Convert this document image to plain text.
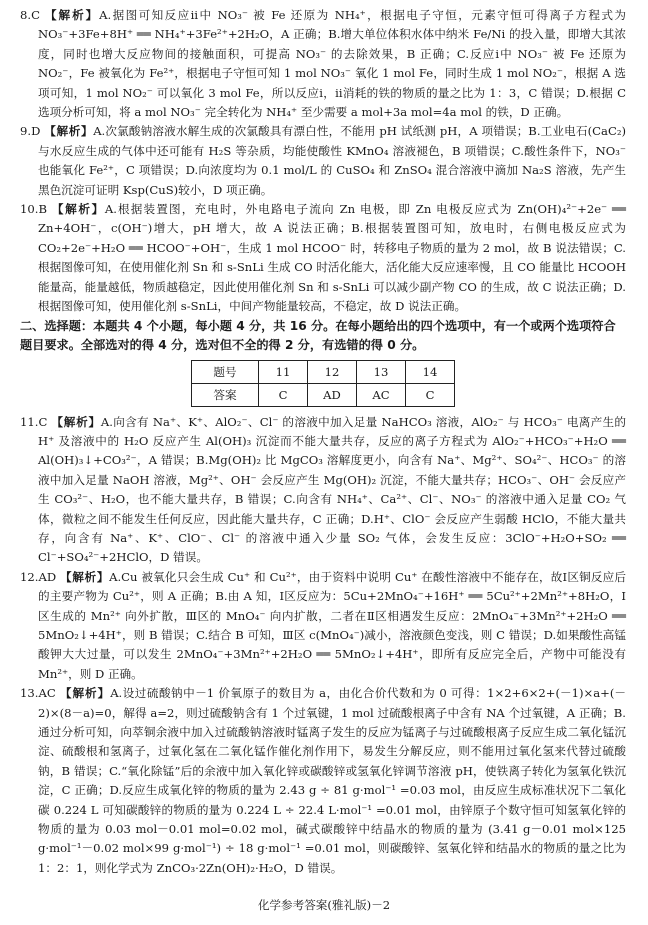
8.C 【解析】A.据图可知反应ⅱ中 NO₃⁻ 被 Fe 还原为 NH₄⁺，根据电子守恒，元素守恒可得离子方程式为 NO₃⁻+3Fe+8H⁺ ══ NH₄⁺+3Fe²⁺+2H₂O，A 正确；B.增大单位体积水体中纳米 Fe/Ni 的投入量，即增大其浓度，同时也增大反应物间的接触面积，可提高 NO₃⁻ 的去除效果，B 正确；C.反应ⅰ中 NO₃⁻ 被 Fe 还原为 NO₂⁻，Fe 被氧化为 Fe²⁺，根据电子守恒可知 1 mol NO₃⁻ 氧化 1 mol Fe，同时生成 1 mol NO₂⁻，根据 A 选项可知，1 mol NO₂⁻ 可以氧化 3 mol Fe，所以反应ⅰ，ⅱ消耗的铁的物质的量之比为 1：3，C 错误；D.根据 C 选项分析可知，将 a mol NO₃⁻ 完全转化为 NH₄⁺ 至少需要 a mol+3a mol=4a mol 的铁，D 正确。

9.D 【解析】A.次氯酸钠溶液水解生成的次氯酸具有漂白性，不能用 pH 试纸测 pH，A 项错误；B.工业电石(CaC₂)与水反应生成的气体中还可能有 H₂S 等杂质，均能使酸性 KMnO₄ 溶液褪色，B 项错误；C.酸性条件下，NO₃⁻ 也能氧化 Fe²⁺，C 项错误；D.向浓度均为 0.1 mol/L 的 CuSO₄ 和 ZnSO₄ 混合溶液中滴加 Na₂S 溶液，先产生黑色沉淀可证明 Ksp(CuS)较小，D 项正确。

10.B 【解析】A.根据装置图，充电时，外电路电子流向 Zn 电极，即 Zn 电极反应式为 Zn(OH)₄²⁻+2e⁻ ══ Zn+4OH⁻，c(OH⁻)增大，pH 增大，故 A 说法正确；B.根据装置图可知，放电时，右侧电极反应式为 CO₂+2e⁻+H₂O ══ HCOO⁻+OH⁻，生成 1 mol HCOO⁻ 时，转移电子物质的量为 2 mol，故 B 说法错误；C.根据图像可知，在使用催化剂 Sn 和 s-SnLi 生成 CO 时活化能大，活化能大反应速率慢，且 CO 能量比 HCOOH 能量高，能量越低，物质越稳定，因此使用催化剂 Sn 和 s-SnLi 可以减少副产物 CO 的生成，故 C 说法正确；D.根据图像可知，使用催化剂 s-SnLi，中间产物能量较高，不稳定，故 D 说法正确。

二、选择题：本题共 4 个小题，每小题 4 分，共 16 分。在每小题给出的四个选项中，有一个或两个选项符合题目要求。全部选对的得 4 分，选对但不全的得 2 分，有选错的得 0 分。

题号	11	12	13	14
答案	C	AD	AC	C

11.C 【解析】A.向含有 Na⁺、K⁺、AlO₂⁻、Cl⁻ 的溶液中加入足量 NaHCO₃ 溶液，AlO₂⁻ 与 HCO₃⁻ 电离产生的 H⁺ 及溶液中的 H₂O 反应产生 Al(OH)₃ 沉淀而不能大量共存，反应的离子方程式为 AlO₂⁻+HCO₃⁻+H₂O ══ Al(OH)₃↓+CO₃²⁻，A 错误；B.Mg(OH)₂ 比 MgCO₃ 溶解度更小，向含有 Na⁺、Mg²⁺、SO₄²⁻、HCO₃⁻ 的溶液中加入足量 NaOH 溶液，Mg²⁺、OH⁻ 会反应产生 Mg(OH)₂ 沉淀，不能大量共存；HCO₃⁻、OH⁻ 会反应产生 CO₃²⁻、H₂O，也不能大量共存，B 错误；C.向含有 NH₄⁺、Ca²⁺、Cl⁻、NO₃⁻ 的溶液中通入足量 CO₂ 气体，微粒之间不能发生任何反应，因此能大量共存，C 正确；D.H⁺、ClO⁻ 会反应产生弱酸 HClO，不能大量共存，向含有 Na⁺、K⁺、ClO⁻、Cl⁻ 的溶液中通入少量 SO₂ 气体，会发生反应：3ClO⁻+H₂O+SO₂ ══ Cl⁻+SO₄²⁻+2HClO，D 错误。

12.AD 【解析】A.Cu 被氧化只会生成 Cu⁺ 和 Cu²⁺，由于资料中说明 Cu⁺ 在酸性溶液中不能存在，故Ⅰ区铜反应后的主要产物为 Cu²⁺，则 A 正确；B.由 A 知，Ⅰ区反应为：5Cu+2MnO₄⁻+16H⁺ ══ 5Cu²⁺+2Mn²⁺+8H₂O，Ⅰ区生成的 Mn²⁺ 向外扩散，Ⅲ区的 MnO₄⁻ 向内扩散，二者在Ⅱ区相遇发生反应：2MnO₄⁻+3Mn²⁺+2H₂O ══ 5MnO₂↓+4H⁺，则 B 错误；C.结合 B 可知，Ⅲ区 c(MnO₄⁻)减小，溶液颜色变浅，则 C 错误；D.如果酸性高锰酸钾大大过量，可以发生 2MnO₄⁻+3Mn²⁺+2H₂O ══ 5MnO₂↓+4H⁺，即所有反应完全后，产物中可能没有 Mn²⁺，则 D 正确。

13.AC 【解析】A.设过硫酸钠中－1 价氧原子的数目为 a，由化合价代数和为 0 可得：1×2+6×2+(－1)×a+(－2)×(8－a)=0，解得 a=2，则过硫酸钠含有 1 个过氧键，1 mol 过硫酸根离子中含有 NA 个过氧键，A 正确；B.通过分析可知，向萃铜余液中加入过硫酸钠溶液时锰离子发生的反应为锰离子与过硫酸根离子反应生成二氧化锰沉淀、硫酸根和氢离子，过氧化氢在二氧化锰作催化剂作用下，易发生分解反应，则不能用过氧化氢来代替过硫酸钠，B 错误；C.“氧化除锰”后的余液中加入氧化锌或碳酸锌或氢氧化锌调节溶液 pH，使铁离子转化为氢氧化铁沉淀，C 正确；D.反应生成氧化锌的物质的量为 2.43 g ÷ 81 g·mol⁻¹ =0.03 mol，由反应生成标准状况下二氧化碳 0.224 L 可知碳酸锌的物质的量为 0.224 L ÷ 22.4 L·mol⁻¹ =0.01 mol，由锌原子个数守恒可知氢氧化锌的物质的量为 0.03 mol－0.01 mol=0.02 mol，碱式碳酸锌中结晶水的物质的量为 (3.41 g－0.01 mol×125 g·mol⁻¹－0.02 mol×99 g·mol⁻¹) ÷ 18 g·mol⁻¹ =0.01 mol，则碳酸锌、氢氧化锌和结晶水的物质的量之比为 1：2：1，则化学式为 ZnCO₃·2Zn(OH)₂·H₂O，D 错误。

化学参考答案(雅礼版)－2
